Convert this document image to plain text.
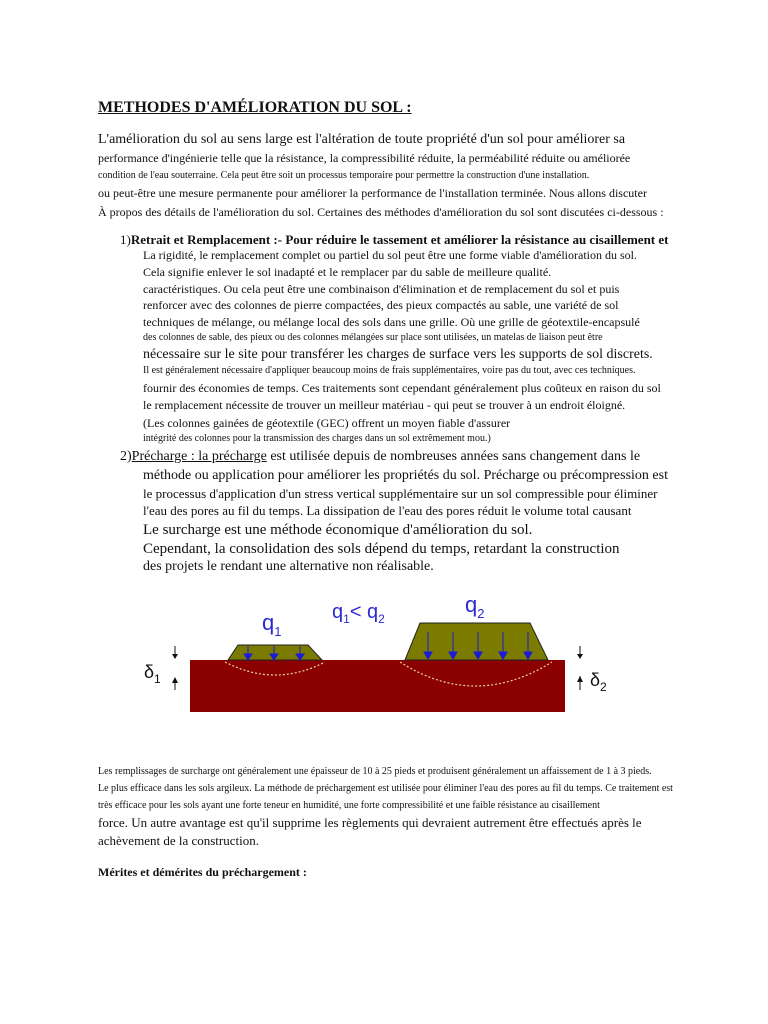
METHODES D'AMÉLIORATION DU SOL :
L'amélioration du sol au sens large est l'altération de toute propriété d'un sol pour améliorer sa
performance d'ingénierie telle que la résistance, la compressibilité réduite, la perméabilité réduite ou améliorée
condition de l'eau souterraine. Cela peut être soit un processus temporaire pour permettre la construction d'une installation.
ou peut-être une mesure permanente pour améliorer la performance de l'installation terminée. Nous allons discuter
À propos des détails de l'amélioration du sol. Certaines des méthodes d'amélioration du sol sont discutées ci-dessous :
1)Retrait et Remplacement :- Pour réduire le tassement et améliorer la résistance au cisaillement et
La rigidité, le remplacement complet ou partiel du sol peut être une forme viable d'amélioration du sol.
Cela signifie enlever le sol inadapté et le remplacer par du sable de meilleure qualité.
caractéristiques. Ou cela peut être une combinaison d'élimination et de remplacement du sol et puis
renforcer avec des colonnes de pierre compactées, des pieux compactés au sable, une variété de sol
techniques de mélange, ou mélange local des sols dans une grille. Où une grille de géotextile-encapsulé
des colonnes de sable, des pieux ou des colonnes mélangées sur place sont utilisées, un matelas de liaison peut être
nécessaire sur le site pour transférer les charges de surface vers les supports de sol discrets.
Il est généralement nécessaire d'appliquer beaucoup moins de frais supplémentaires, voire pas du tout, avec ces techniques.
fournir des économies de temps. Ces traitements sont cependant généralement plus coûteux en raison du sol
le remplacement nécessite de trouver un meilleur matériau - qui peut se trouver à un endroit éloigné.
(Les colonnes gainées de géotextile (GEC) offrent un moyen fiable d'assurer
intégrité des colonnes pour la transmission des charges dans un sol extrêmement mou.)
2)Précharge : la précharge est utilisée depuis de nombreuses années sans changement dans le
méthode ou application pour améliorer les propriétés du sol. Précharge ou précompression est
le processus d'application d'un stress vertical supplémentaire sur un sol compressible pour éliminer
l'eau des pores au fil du temps. La dissipation de l'eau des pores réduit le volume total causant
Le surcharge est une méthode économique d'amélioration du sol.
Cependant, la consolidation des sols dépend du temps, retardant la construction
des projets le rendant une alternative non réalisable.
$q_1$
$q_1< q_2$
$q_2$
$\delta_1$	$\delta_2$
Les remplissages de surcharge ont généralement une épaisseur de 10 à 25 pieds et produisent généralement un affaissement de 1 à 3 pieds.
Le plus efficace dans les sols argileux. La méthode de préchargement est utilisée pour éliminer l'eau des pores au fil du temps. Ce traitement est
très efficace pour les sols ayant une forte teneur en humidité, une forte compressibilité et une faible résistance au cisaillement
force. Un autre avantage est qu'il supprime les règlements qui devraient autrement être effectués après le
achèvement de la construction.
Mérites et démérites du préchargement :
